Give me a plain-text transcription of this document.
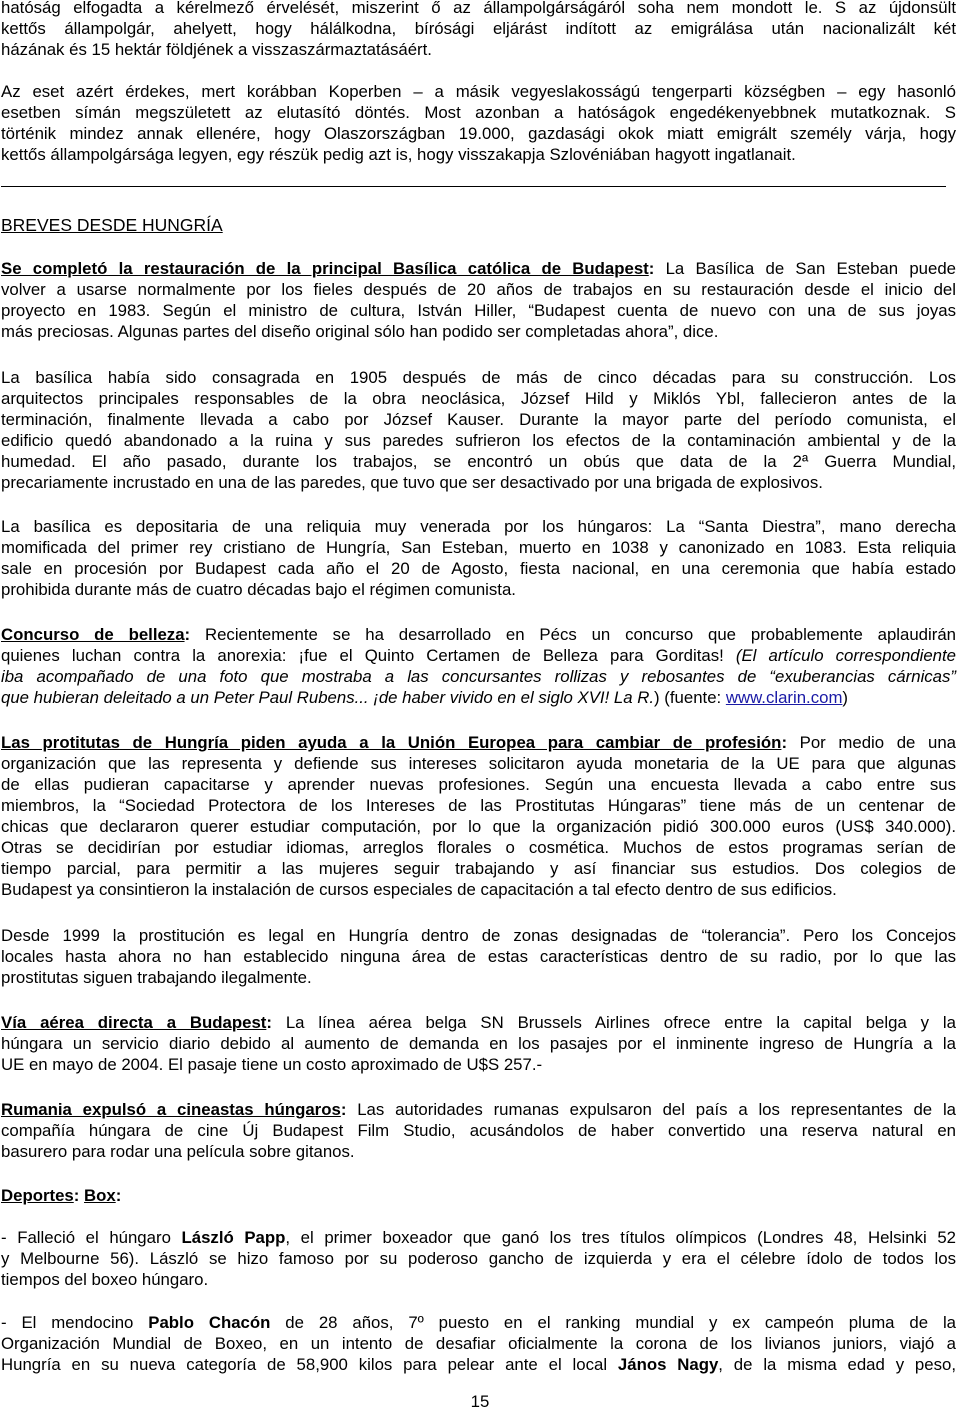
hatóság elfogadta a kérelmező érvelését, miszerint ő az állampolgárságáról soha nem mondott le. S az újdonsült
kettős állampolgár, ahelyett, hogy hálálkodna, bírósági eljárást indított az emigrálása után nacionalizált két
házának és 15 hektár földjének a visszaszármaztatásáért.

Az eset azért érdekes, mert korábban Koperben – a másik vegyeslakosságú tengerparti községben – egy hasonló
esetben símán megszületett az elutasító döntés. Most azonban a hatóságok engedékenyebbnek mutatkoznak. S
történik mindez annak ellenére, hogy Olaszországban 19.000, gazdasági okok miatt emigrált személy várja, hogy
kettős állampolgársága legyen, egy részük pedig azt is, hogy visszakapja Szlovéniában hagyott ingatlanait.

BREVES DESDE HUNGRÍA

Se completó la restauración de la principal Basílica católica de Budapest: La Basílica de San Esteban puede
volver a usarse normalmente por los fieles después de 20 años de trabajos en su restauración desde el inicio del
proyecto en 1983. Según el ministro de cultura, István Hiller, “Budapest cuenta de nuevo con una de sus joyas
más preciosas. Algunas partes del diseño original sólo han podido ser completadas ahora”, dice.

La basílica había sido consagrada en 1905 después de más de cinco décadas para su construcción. Los
arquitectos principales responsables de la obra neoclásica, József Hild y Miklós Ybl, fallecieron antes de la
terminación, finalmente llevada a cabo por József Kauser. Durante la mayor parte del período comunista, el
edificio quedó abandonado a la ruina y sus paredes sufrieron los efectos de la contaminación ambiental y de la
humedad. El año pasado, durante los trabajos, se encontró un obús que data de la 2ª Guerra Mundial,
precariamente incrustado en una de las paredes, que tuvo que ser desactivado por una brigada de explosivos.

La basílica es depositaria de una reliquia muy venerada por los húngaros: La “Santa Diestra”, mano derecha
momificada del primer rey cristiano de Hungría, San Esteban, muerto en 1038 y canonizado en 1083. Esta reliquia
sale en procesión por Budapest cada año el 20 de Agosto, fiesta nacional, en una ceremonia que había estado
prohibida durante más de cuatro décadas bajo el régimen comunista.

Concurso de belleza: Recientemente se ha desarrollado en Pécs un concurso que probablemente aplaudirán
quienes luchan contra la anorexia: ¡fue el Quinto Certamen de Belleza para Gorditas! (El artículo correspondiente
iba acompañado de una foto que mostraba a las concursantes rollizas y rebosantes de “exuberancias cárnicas”
que hubieran deleitado a un Peter Paul Rubens... ¡de haber vivido en el siglo XVI! La R.) (fuente: www.clarin.com)

Las protitutas de Hungría piden ayuda a la Unión Europea para cambiar de profesión: Por medio de una
organización que las representa y defiende sus intereses solicitaron ayuda monetaria de la UE para que algunas
de ellas pudieran capacitarse y aprender nuevas profesiones. Según una encuesta llevada a cabo entre sus
miembros, la “Sociedad Protectora de los Intereses de las Prostitutas Húngaras” tiene más de un centenar de
chicas que declararon querer estudiar computación, por lo que la organización pidió 300.000 euros (US$ 340.000).
Otras se decidirían por estudiar idiomas, arreglos florales o cosmética. Muchos de estos programas serían de
tiempo parcial, para permitir a las mujeres seguir trabajando y así financiar sus estudios. Dos colegios de
Budapest ya consintieron la instalación de cursos especiales de capacitación a tal efecto dentro de sus edificios.

Desde 1999 la prostitución es legal en Hungría dentro de zonas designadas de “tolerancia”. Pero los Concejos
locales hasta ahora no han establecido ninguna área de estas características dentro de su radio, por lo que las
prostitutas siguen trabajando ilegalmente.

Vía aérea directa a Budapest: La línea aérea belga SN Brussels Airlines ofrece entre la capital belga y la
húngara un servicio diario debido al aumento de demanda en los pasajes por el inminente ingreso de Hungría a la
UE en mayo de 2004. El pasaje tiene un costo aproximado de U$S 257.-

Rumania expulsó a cineastas húngaros: Las autoridades rumanas expulsaron del país a los representantes de la
compañía húngara de cine Új Budapest Film Studio, acusándolos de haber convertido una reserva natural en
basurero para rodar una película sobre gitanos.

Deportes: Box:

- Falleció el húngaro László Papp, el primer boxeador que ganó los tres títulos olímpicos (Londres 48, Helsinki 52
y Melbourne 56). László se hizo famoso por su poderoso gancho de izquierda y era el célebre ídolo de todos los
tiempos del boxeo húngaro.

- El mendocino Pablo Chacón de 28 años, 7º puesto en el ranking mundial y ex campeón pluma de la
Organización Mundial de Boxeo, en un intento de desafiar oficialmente la corona de los livianos juniors, viajó a
Hungría en su nueva categoría de 58,900 kilos para pelear ante el local János Nagy, de la misma edad y peso,

15
